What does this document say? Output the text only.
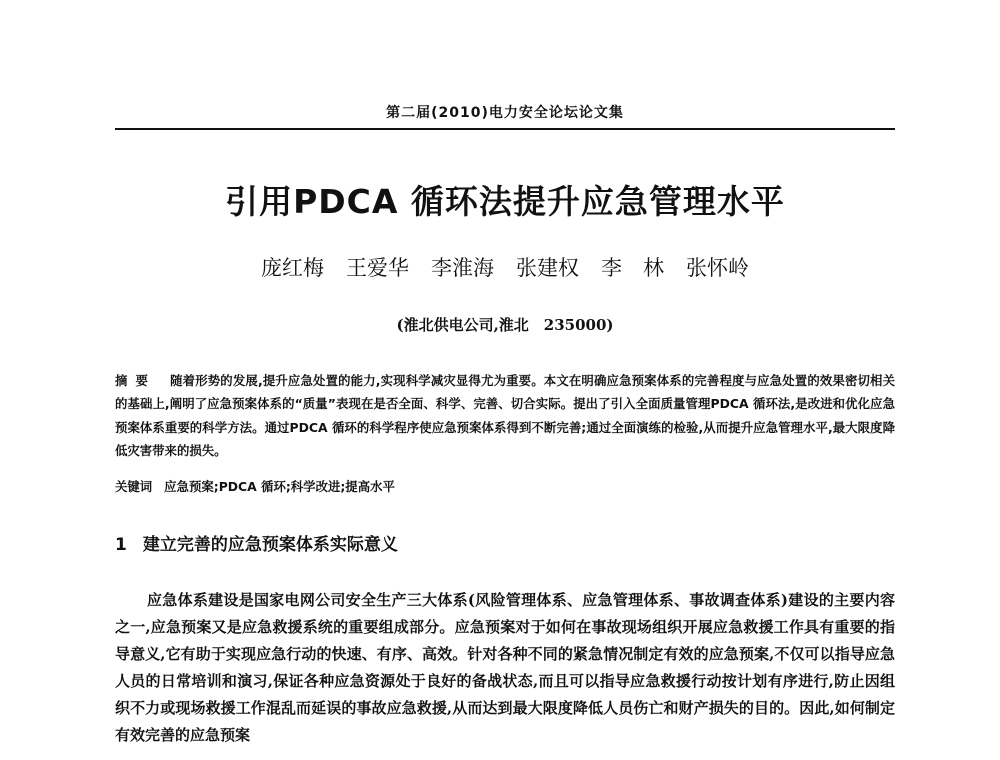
第二届(2010)电力安全论坛论文集
引用PDCA 循环法提升应急管理水平
庞红梅 王爱华 李淮海 张建权 李　林 张怀岭
(淮北供电公司,淮北　235000)

摘要 随着形势的发展,提升应急处置的能力,实现科学减灾显得尤为重要。本文在明确应急预案体系的完善程度与应急处置的效果密切相关的基础上,阐明了应急预案体系的“质量”表现在是否全面、科学、完善、切合实际。提出了引入全面质量管理PDCA 循环法,是改进和优化应急预案体系重要的科学方法。通过PDCA 循环的科学程序使应急预案体系得到不断完善;通过全面演练的检验,从而提升应急管理水平,最大限度降低灾害带来的损失。

关键词 应急预案;PDCA 循环;科学改进;提高水平

1 建立完善的应急预案体系实际意义

应急体系建设是国家电网公司安全生产三大体系(风险管理体系、应急管理体系、事故调查体系)建设的主要内容之一,应急预案又是应急救援系统的重要组成部分。应急预案对于如何在事故现场组织开展应急救援工作具有重要的指导意义,它有助于实现应急行动的快速、有序、高效。针对各种不同的紧急情况制定有效的应急预案,不仅可以指导应急人员的日常培训和演习,保证各种应急资源处于良好的备战状态,而且可以指导应急救援行动按计划有序进行,防止因组织不力或现场救援工作混乱而延误的事故应急救援,从而达到最大限度降低人员伤亡和财产损失的目的。因此,如何制定有效完善的应急预案
